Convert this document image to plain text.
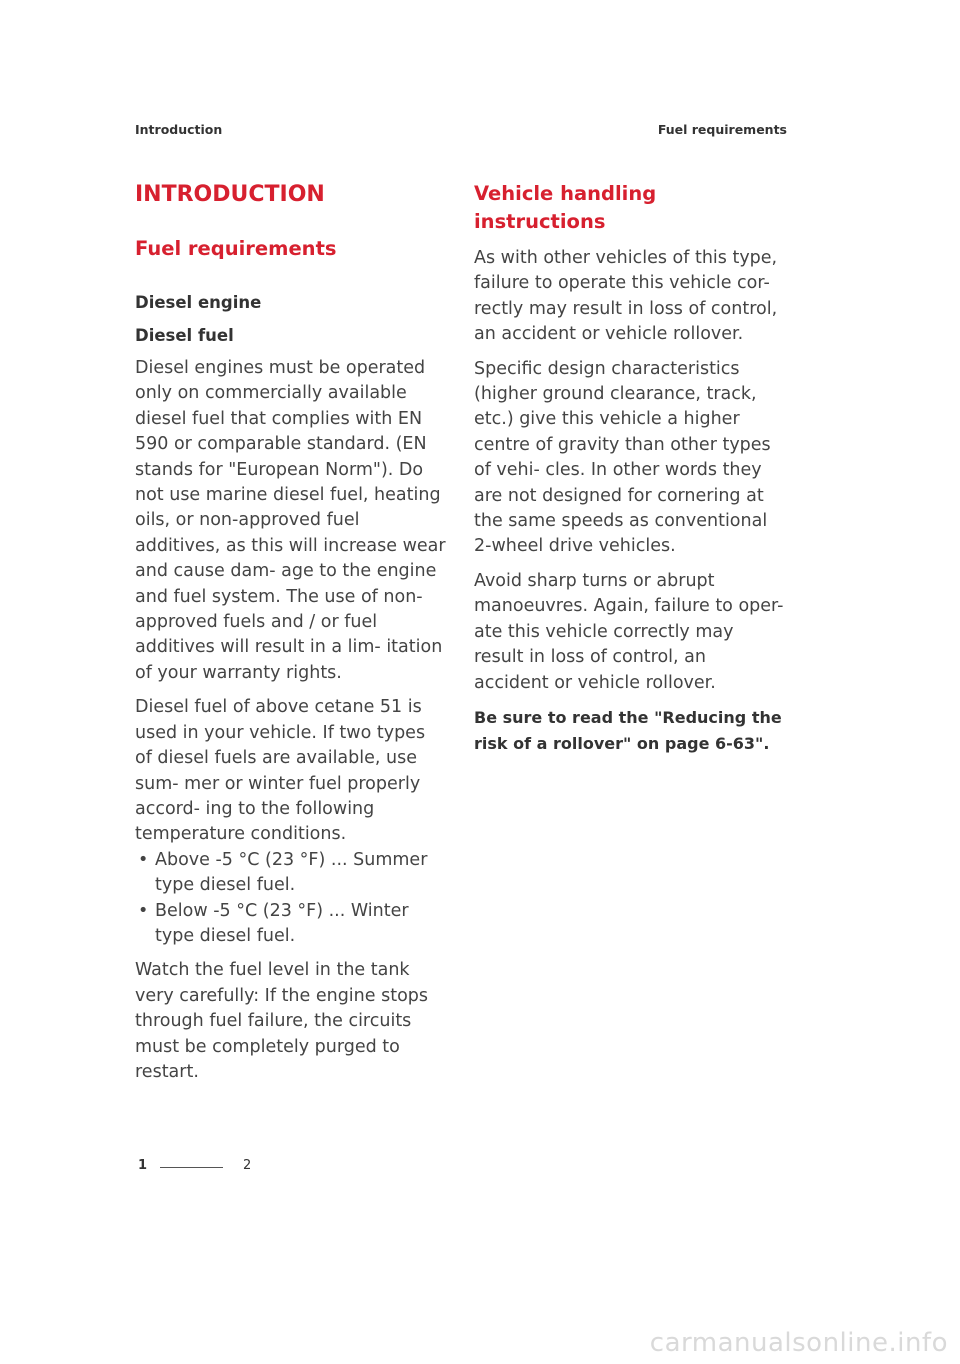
Introduction	Fuel requirements
INTRODUCTION
Fuel requirements
Diesel engine
Diesel fuel

Diesel engines must be operated only on commercially available diesel fuel that complies with EN 590 or comparable standard. (EN stands for "European Norm"). Do not use marine diesel fuel, heating oils, or non-approved fuel additives, as this will increase wear and cause dam- age to the engine and fuel system. The use of non-approved fuels and / or fuel additives will result in a lim- itation of your warranty rights.

Diesel fuel of above cetane 51 is used in your vehicle. If two types of diesel fuels are available, use sum- mer or winter fuel properly accord- ing to the following temperature conditions.

• Above -5 °C (23 °F) ... Summer type diesel fuel.
• Below -5 °C (23 °F) ... Winter type diesel fuel.

Watch the fuel level in the tank very carefully: If the engine stops through fuel failure, the circuits must be completely purged to restart.

Vehicle handling instructions

As with other vehicles of this type, failure to operate this vehicle cor- rectly may result in loss of control, an accident or vehicle rollover.

Specific design characteristics (higher ground clearance, track, etc.) give this vehicle a higher centre of gravity than other types of vehi- cles. In other words they are not designed for cornering at the same speeds as conventional 2-wheel drive vehicles.

Avoid sharp turns or abrupt manoeuvres. Again, failure to oper- ate this vehicle correctly may result in loss of control, an accident or vehicle rollover.

Be sure to read the "Reducing the risk of a rollover" on page 6-63".

1	2
carmanualsonline.info
